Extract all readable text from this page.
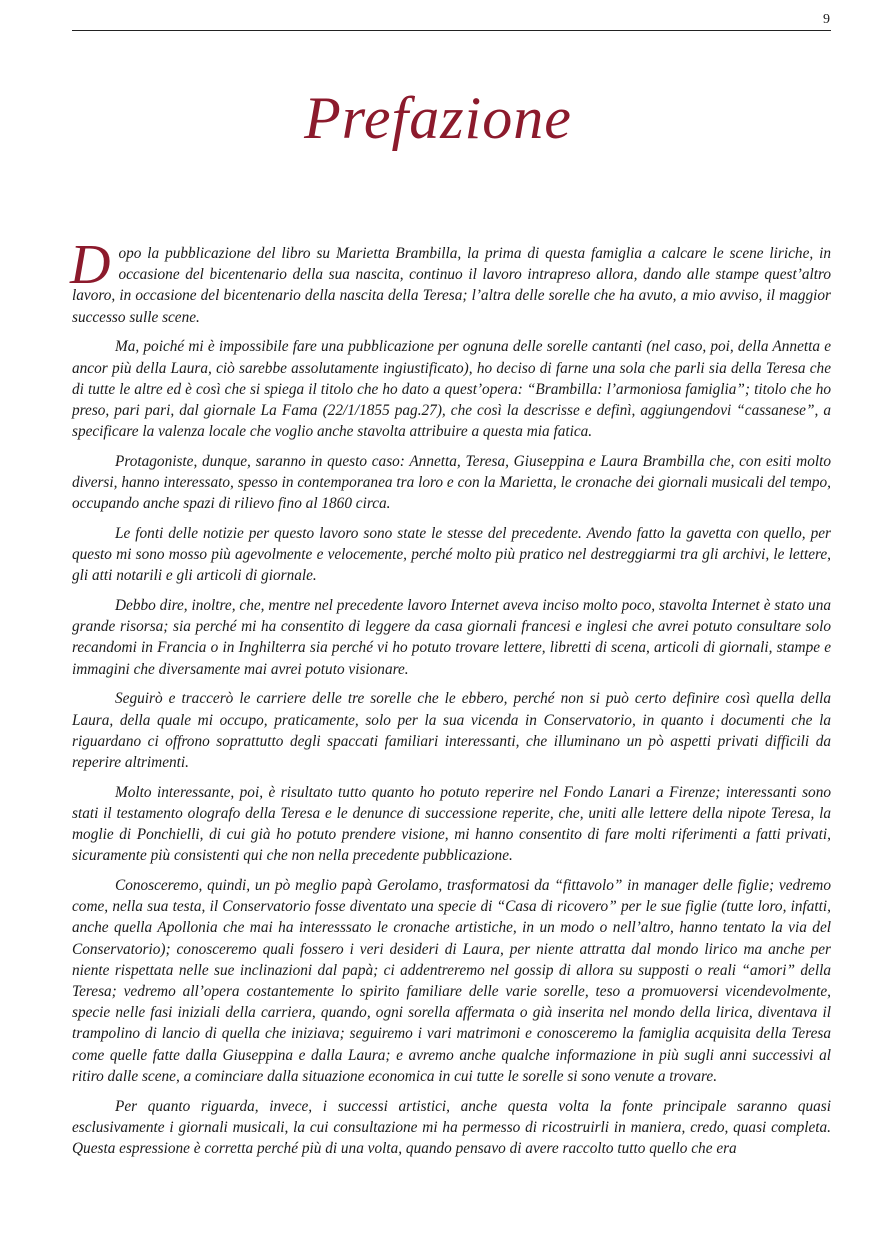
9
Prefazione

Dopo la pubblicazione del libro su Marietta Brambilla, la prima di questa famiglia a calcare le scene liriche, in occasione del bicentenario della sua nascita, continuo il lavoro intrapreso allora, dando alle stampe quest’altro lavoro, in occasione del bicentenario della nascita della Teresa; l’altra delle sorelle che ha avuto, a mio avviso, il maggior successo sulle scene.

Ma, poiché mi è impossibile fare una pubblicazione per ognuna delle sorelle cantanti (nel caso, poi, della Annetta e ancor più della Laura, ciò sarebbe assolutamente ingiustificato), ho deciso di farne una sola che parli sia della Teresa che di tutte le altre ed è così che si spiega il titolo che ho dato a quest’opera: “Brambilla: l’armoniosa famiglia”; titolo che ho preso, pari pari, dal giornale La Fama (22/1/1855 pag.27), che così la descrisse e definì, aggiungendovi “cassanese”, a specificare la valenza locale che voglio anche stavolta attribuire a questa mia fatica.

Protagoniste, dunque, saranno in questo caso: Annetta, Teresa, Giuseppina e Laura Brambilla che, con esiti molto diversi, hanno interessato, spesso in contemporanea tra loro e con la Marietta, le cronache dei giornali musicali del tempo, occupando anche spazi di rilievo fino al 1860 circa.

Le fonti delle notizie per questo lavoro sono state le stesse del precedente. Avendo fatto la gavetta con quello, per questo mi sono mosso più agevolmente e velocemente, perché molto più pratico nel destreggiarmi tra gli archivi, le lettere, gli atti notarili e gli articoli di giornale.

Debbo dire, inoltre, che, mentre nel precedente lavoro Internet aveva inciso molto poco, stavolta Internet è stato una grande risorsa; sia perché mi ha consentito di leggere da casa giornali francesi e inglesi che avrei potuto consultare solo recandomi in Francia o in Inghilterra sia perché vi ho potuto trovare lettere, libretti di scena, articoli di giornali, stampe e immagini che diversamente mai avrei potuto visionare.

Seguirò e traccerò le carriere delle tre sorelle che le ebbero, perché non si può certo definire così quella della Laura, della quale mi occupo, praticamente, solo per la sua vicenda in Conservatorio, in quanto i documenti che la riguardano ci offrono soprattutto degli spaccati familiari interessanti, che illuminano un pò aspetti privati difficili da reperire altrimenti.

Molto interessante, poi, è risultato tutto quanto ho potuto reperire nel Fondo Lanari a Firenze; interessanti sono stati il testamento olografo della Teresa e le denunce di successione reperite, che, uniti alle lettere della nipote Teresa, la moglie di Ponchielli, di cui già ho potuto prendere visione, mi hanno consentito di fare molti riferimenti a fatti privati, sicuramente più consistenti qui che non nella precedente pubblicazione.

Conosceremo, quindi, un pò meglio papà Gerolamo, trasformatosi da “fittavolo” in manager delle figlie; vedremo come, nella sua testa, il Conservatorio fosse diventato una specie di “Casa di ricovero” per le sue figlie (tutte loro, infatti, anche quella Apollonia che mai ha interesssato le cronache artistiche, in un modo o nell’altro, hanno tentato la via del Conservatorio); conosceremo quali fossero i veri desideri di Laura, per niente attratta dal mondo lirico ma anche per niente rispettata nelle sue inclinazioni dal papà; ci addentreremo nel gossip di allora su supposti o reali “amori” della Teresa; vedremo all’opera costantemente lo spirito familiare delle varie sorelle, teso a promuoversi vicendevolmente, specie nelle fasi iniziali della carriera, quando, ogni sorella affermata o già inserita nel mondo della lirica, diventava il trampolino di lancio di quella che iniziava; seguiremo i vari matrimoni e conosceremo la famiglia acquisita della Teresa come quelle fatte dalla Giuseppina e dalla Laura; e avremo anche qualche informazione in più sugli anni successivi al ritiro dalle scene, a cominciare dalla situazione economica in cui tutte le sorelle si sono venute a trovare.

Per quanto riguarda, invece, i successi artistici, anche questa volta la fonte principale saranno quasi esclusivamente i giornali musicali, la cui consultazione mi ha permesso di ricostruirli in maniera, credo, quasi completa. Questa espressione è corretta perché più di una volta, quando pensavo di avere raccolto tutto quello che era
